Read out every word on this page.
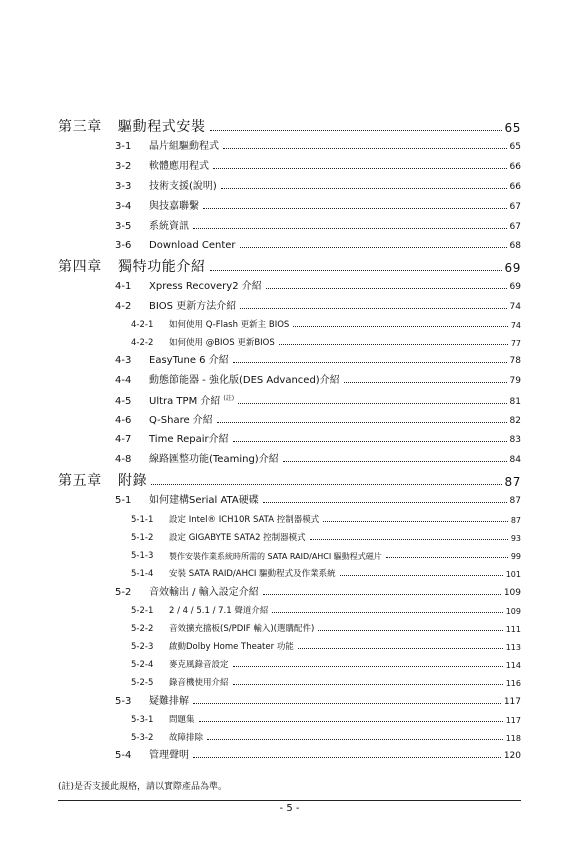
第三章	驅動程式安裝	65
3-1	晶片組驅動程式	65
3-2	軟體應用程式	66
3-3	技術支援(說明)	66
3-4	與技嘉聯繫	67
3-5	系統資訊	67
3-6	Download Center	68
第四章	獨特功能介紹	69
4-1	Xpress Recovery2 介紹	69
4-2	BIOS 更新方法介紹	74
4-2-1	如何使用 Q-Flash 更新主 BIOS	74
4-2-2	如何使用 @BIOS 更新BIOS	77
4-3	EasyTune 6 介紹	78
4-4	動態節能器 - 強化版(DES Advanced)介紹	79
4-5	Ultra TPM 介紹 $^{(註)}$	81
4-6	Q-Share 介紹	82
4-7	Time Repair介紹	83
4-8	線路匯整功能(Teaming)介紹	84
第五章	附錄	87
5-1	如何建構Serial ATA硬碟	87
5-1-1	設定 Intel® ICH10R SATA 控制器模式	87
5-1-2	設定 GIGABYTE SATA2 控制器模式	93
5-1-3	製作安裝作業系統時所需的 SATA RAID/AHCI 驅動程式磁片	99
5-1-4	安裝 SATA RAID/AHCI 驅動程式及作業系統	101
5-2	音效輸出 / 輸入設定介紹	109
5-2-1	2 / 4 / 5.1 / 7.1 聲道介紹	109
5-2-2	音效擴充擋板(S/PDIF 輸入)(選購配件)	111
5-2-3	啟動Dolby Home Theater 功能	113
5-2-4	麥克風錄音設定	114
5-2-5	錄音機使用介紹	116
5-3	疑難排解	117
5-3-1	問題集	117
5-3-2	故障排除	118
5-4	管理聲明	120
(註)是否支援此規格，請以實際產品為準。
- 5 -
